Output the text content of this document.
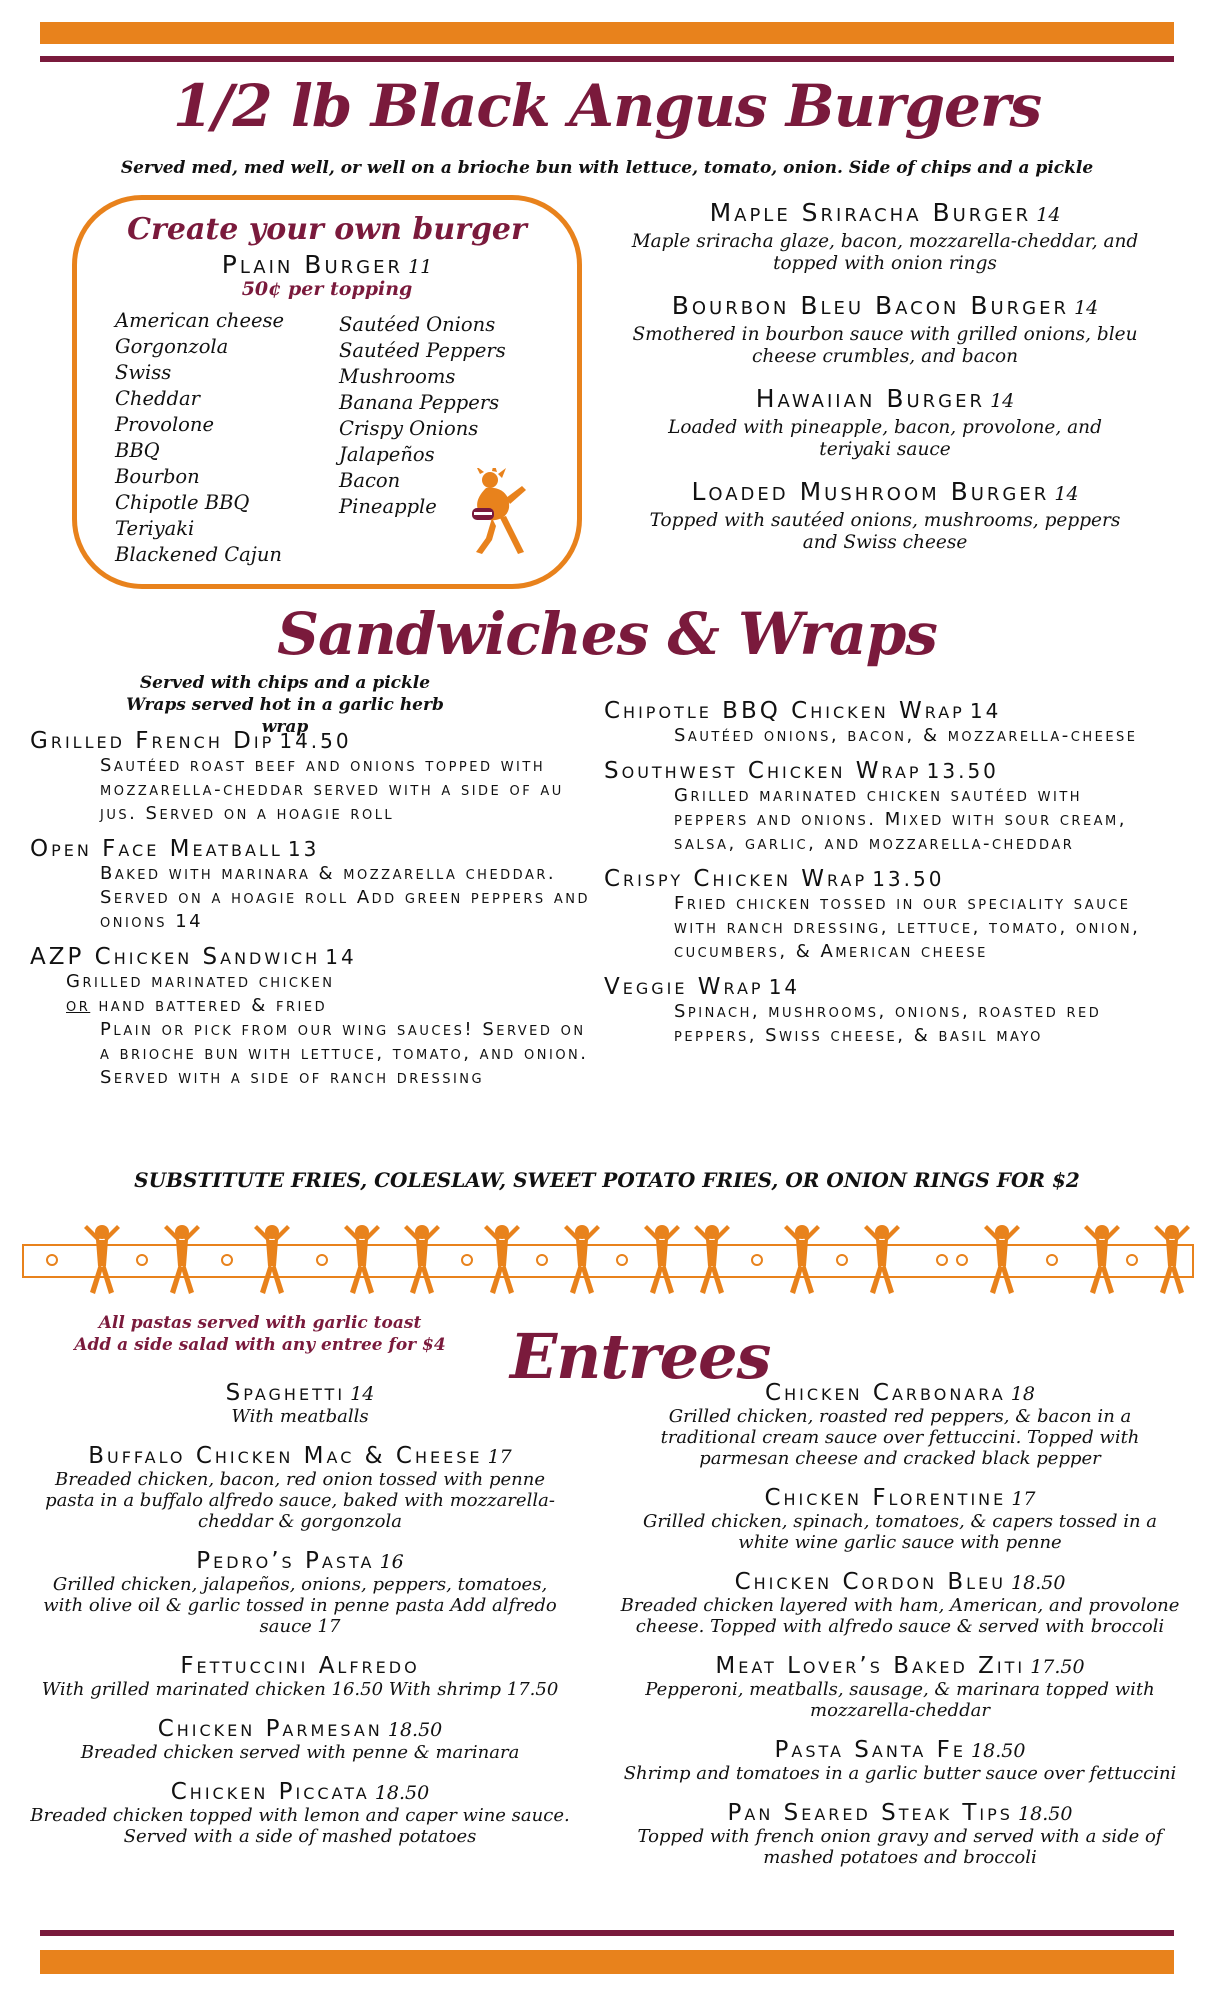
1/2 lb Black Angus Burgers
Served med, med well, or well on a brioche bun with lettuce, tomato, onion. Side of chips and a pickle
Create your own burger
Plain Burger 11
50¢ per topping
American cheese
Gorgonzola
Swiss
Cheddar
Provolone
BBQ
Bourbon
Chipotle BBQ
Teriyaki
Blackened Cajun
Sautéed Onions
Sautéed Peppers
Mushrooms
Banana Peppers
Crispy Onions
Jalapeños
Bacon
Pineapple
Maple Sriracha Burger 14
Maple sriracha glaze, bacon, mozzarella-cheddar, and topped with onion rings
Bourbon Bleu Bacon Burger 14
Smothered in bourbon sauce with grilled onions, bleu cheese crumbles, and bacon
Hawaiian Burger 14
Loaded with pineapple, bacon, provolone, and teriyaki sauce
Loaded Mushroom Burger 14
Topped with sautéed onions, mushrooms, peppers and Swiss cheese
Sandwiches & Wraps
Served with chips and a pickle
Wraps served hot in a garlic herb wrap
Grilled French Dip 14.50
Sautéed roast beef and onions topped with mozzarella-cheddar served with a side of au jus. Served on a hoagie roll
Open Face Meatball 13
Baked with marinara & mozzarella cheddar. Served on a hoagie roll Add green peppers and onions 14
AZP Chicken Sandwich 14
Grilled marinated chicken
or hand battered & fried
Plain or pick from our wing sauces! Served on a brioche bun with lettuce, tomato, and onion. Served with a side of ranch dressing
Chipotle BBQ Chicken Wrap 14
Sautéed onions, bacon, & mozzarella-cheese
Southwest Chicken Wrap 13.50
Grilled marinated chicken sautéed with peppers and onions. Mixed with sour cream, salsa, garlic, and mozzarella-cheddar
Crispy Chicken Wrap 13.50
Fried chicken tossed in our speciality sauce with ranch dressing, lettuce, tomato, onion, cucumbers, & American cheese
Veggie Wrap 14
Spinach, mushrooms, onions, roasted red peppers, Swiss cheese, & basil mayo
SUBSTITUTE FRIES, COLESLAW, SWEET POTATO FRIES, OR ONION RINGS FOR $2
All pastas served with garlic toast
Add a side salad with any entree for $4 Entrees
Spaghetti 14
With meatballs
Buffalo Chicken Mac & Cheese 17
Breaded chicken, bacon, red onion tossed with penne pasta in a buffalo alfredo sauce, baked with mozzarella-cheddar & gorgonzola
Pedro’s Pasta 16
Grilled chicken, jalapeños, onions, peppers, tomatoes, with olive oil & garlic tossed in penne pasta Add alfredo sauce 17
Fettuccini Alfredo
With grilled marinated chicken 16.50 With shrimp 17.50
Chicken Parmesan 18.50
Breaded chicken served with penne & marinara
Chicken Piccata 18.50
Breaded chicken topped with lemon and caper wine sauce. Served with a side of mashed potatoes
Chicken Carbonara 18
Grilled chicken, roasted red peppers, & bacon in a traditional cream sauce over fettuccini. Topped with parmesan cheese and cracked black pepper
Chicken Florentine 17
Grilled chicken, spinach, tomatoes, & capers tossed in a white wine garlic sauce with penne
Chicken Cordon Bleu 18.50
Breaded chicken layered with ham, American, and provolone cheese. Topped with alfredo sauce & served with broccoli
Meat Lover’s Baked Ziti 17.50
Pepperoni, meatballs, sausage, & marinara topped with mozzarella-cheddar
Pasta Santa Fe 18.50
Shrimp and tomatoes in a garlic butter sauce over fettuccini
Pan Seared Steak Tips 18.50
Topped with french onion gravy and served with a side of mashed potatoes and broccoli
